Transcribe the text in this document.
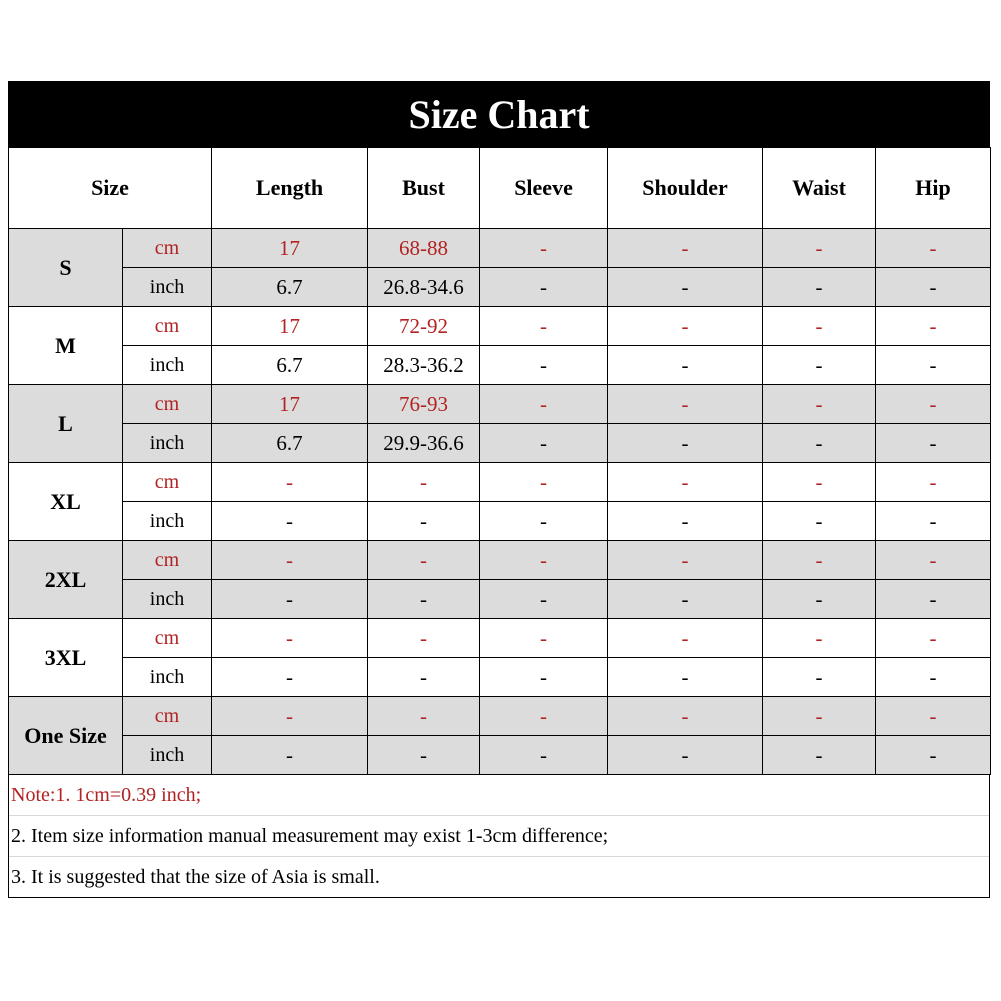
Size Chart
Size		Length	Bust	Sleeve	Shoulder	Waist	Hip
S	cm	17	68-88	-	-	-	-
	inch	6.7	26.8-34.6	-	-	-	-
M	cm	17	72-92	-	-	-	-
	inch	6.7	28.3-36.2	-	-	-	-
L	cm	17	76-93	-	-	-	-
	inch	6.7	29.9-36.6	-	-	-	-
XL	cm	-	-	-	-	-	-
	inch	-	-	-	-	-	-
2XL	cm	-	-	-	-	-	-
	inch	-	-	-	-	-	-
3XL	cm	-	-	-	-	-	-
	inch	-	-	-	-	-	-
One Size	cm	-	-	-	-	-	-
	inch	-	-	-	-	-	-
Note:1. 1cm=0.39 inch;
2. Item size information manual measurement may exist 1-3cm difference;
3. It is suggested that the size of Asia is small.
